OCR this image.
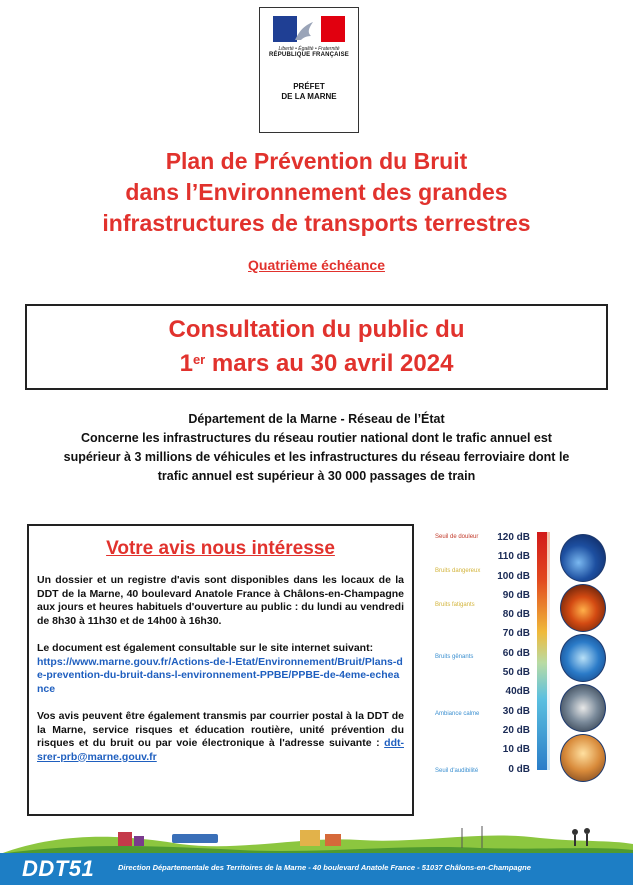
Liberté • Égalité • Fraternité
RÉPUBLIQUE FRANÇAISE
PRÉFET
DE LA MARNE
Plan de Prévention du Bruit
dans l’Environnement des grandes
infrastructures de transports terrestres
Quatrième échéance
Consultation du public du
1er mars au 30 avril 2024
Département de la Marne - Réseau de l’État
Concerne les infrastructures du réseau routier national dont le trafic annuel est
supérieur à 3 millions de véhicules et les infrastructures du réseau ferroviaire dont le
trafic annuel est supérieur à 30 000 passages de train
Votre avis nous intéresse

Un dossier et un registre d'avis sont disponibles dans les locaux de la DDT de la Marne, 40 boulevard Anatole France à Châlons-en-Champagne aux jours et heures habituels d'ouverture au public : du lundi au vendredi de 8h30 à 11h30 et de 14h00 à 16h30.

Le document est également consultable sur le site internet suivant:
https://www.marne.gouv.fr/Actions-de-l-Etat/Environnement/Bruit/Plans-de-prevention-du-bruit-dans-l-environnement-PPBE/PPBE-de-4eme-echeance

Vos avis peuvent être également transmis par courrier postal à la DDT de la Marne, service risques et éducation routière, unité prévention du risques et du bruit ou par voie électronique à l'adresse suivante : ddt-srer-prb@marne.gouv.fr

Seuil de douleur
Bruits dangereux
Bruits fatigants
Bruits gênants
Ambiance calme
Seuil d'audibilité
120 dB
110 dB
100 dB
90 dB
80 dB
70 dB
60 dB
50 dB
40dB
30 dB
20 dB
10 dB
0 dB
DDT51	Direction Départementale des Territoires de la Marne - 40 boulevard Anatole France - 51037 Châlons-en-Champagne
